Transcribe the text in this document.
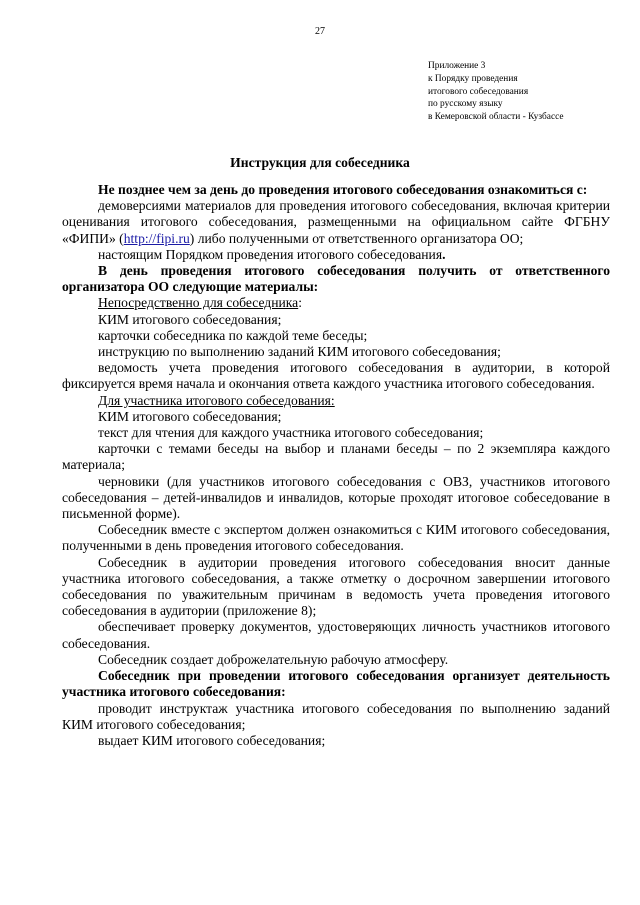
27
Приложение 3
к Порядку проведения
итогового собеседования
по русскому языку
в Кемеровской области - Кузбассе
Инструкция для собеседника

Не позднее чем за день до проведения итогового собеседования ознакомиться с:

демоверсиями материалов для проведения итогового собеседования, включая критерии оценивания итогового собеседования, размещенными на официальном сайте ФГБНУ «ФИПИ» (http://fipi.ru) либо полученными от ответственного организатора ОО;

настоящим Порядком проведения итогового собеседования.

В день проведения итогового собеседования получить от ответственного организатора ОО следующие материалы:

Непосредственно для собеседника:

КИМ итогового собеседования;

карточки собеседника по каждой теме беседы;

инструкцию по выполнению заданий КИМ итогового собеседования;

ведомость учета проведения итогового собеседования в аудитории, в которой фиксируется время начала и окончания ответа каждого участника итогового собеседования.

Для участника итогового собеседования:

КИМ итогового собеседования;

текст для чтения для каждого участника итогового собеседования;

карточки с темами беседы на выбор и планами беседы – по 2 экземпляра каждого материала;

черновики (для участников итогового собеседования с ОВЗ, участников итогового собеседования – детей-инвалидов и инвалидов, которые проходят итоговое собеседование в письменной форме).

Собеседник вместе с экспертом должен ознакомиться с КИМ итогового собеседования, полученными в день проведения итогового собеседования.

Собеседник в аудитории проведения итогового собеседования вносит данные участника итогового собеседования, а также отметку о досрочном завершении итогового собеседования по уважительным причинам в ведомость учета проведения итогового собеседования в аудитории (приложение 8);

обеспечивает проверку документов, удостоверяющих личность участников итогового собеседования.

Собеседник создает доброжелательную рабочую атмосферу.

Собеседник при проведении итогового собеседования организует деятельность участника итогового собеседования:

проводит инструктаж участника итогового собеседования по выполнению заданий КИМ итогового собеседования;

выдает КИМ итогового собеседования;
